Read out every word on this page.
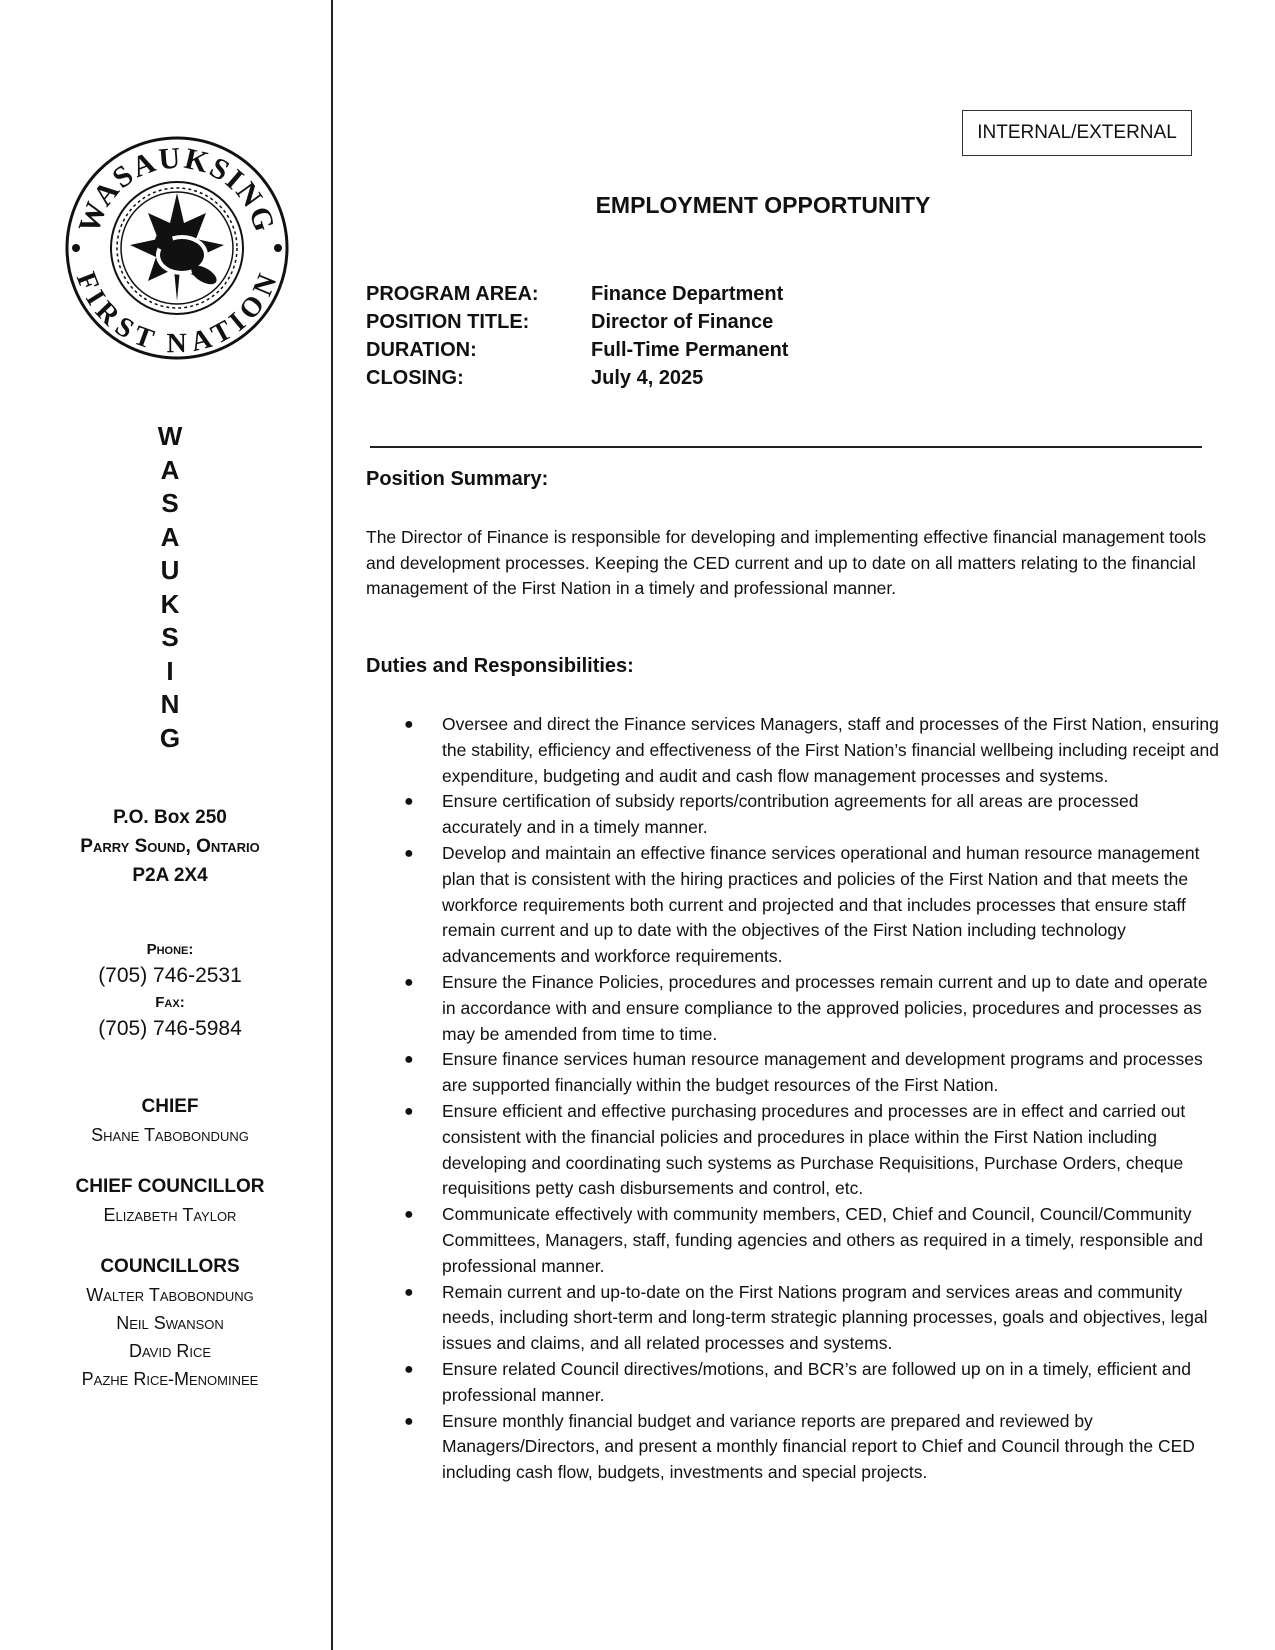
WASAUKSING
FIRST NATION
W
A
S
A
U
K
S
I
N
G
P.O. Box 250
Parry Sound, Ontario
P2A 2X4
Phone:
(705) 746-2531
Fax:
(705) 746-5984
CHIEF
Shane Tabobondung
CHIEF COUNCILLOR
Elizabeth Taylor
COUNCILLORS
Walter Tabobondung
Neil Swanson
David Rice
Pazhe Rice-Menominee
INTERNAL/EXTERNAL
EMPLOYMENT OPPORTUNITY
PROGRAM AREA:	Finance Department
POSITION TITLE:	Director of Finance
DURATION:	Full-Time Permanent
CLOSING:	July 4, 2025
Position Summary:
The Director of Finance is responsible for developing and implementing effective financial management tools and development processes. Keeping the CED current and up to date on all matters relating to the financial management of the First Nation in a timely and professional manner.
Duties and Responsibilities:
● Oversee and direct the Finance services Managers, staff and processes of the First Nation, ensuring the stability, efficiency and effectiveness of the First Nation’s financial wellbeing including receipt and expenditure, budgeting and audit and cash flow management processes and systems.
● Ensure certification of subsidy reports/contribution agreements for all areas are processed accurately and in a timely manner.
● Develop and maintain an effective finance services operational and human resource management plan that is consistent with the hiring practices and policies of the First Nation and that meets the workforce requirements both current and projected and that includes processes that ensure staff remain current and up to date with the objectives of the First Nation including technology advancements and workforce requirements.
● Ensure the Finance Policies, procedures and processes remain current and up to date and operate in accordance with and ensure compliance to the approved policies, procedures and processes as may be amended from time to time.
● Ensure finance services human resource management and development programs and processes are supported financially within the budget resources of the First Nation.
● Ensure efficient and effective purchasing procedures and processes are in effect and carried out consistent with the financial policies and procedures in place within the First Nation including developing and coordinating such systems as Purchase Requisitions, Purchase Orders, cheque requisitions petty cash disbursements and control, etc.
● Communicate effectively with community members, CED, Chief and Council, Council/Community Committees, Managers, staff, funding agencies and others as required in a timely, responsible and professional manner.
● Remain current and up-to-date on the First Nations program and services areas and community needs, including short-term and long-term strategic planning processes, goals and objectives, legal issues and claims, and all related processes and systems.
● Ensure related Council directives/motions, and BCR’s are followed up on in a timely, efficient and professional manner.
● Ensure monthly financial budget and variance reports are prepared and reviewed by Managers/Directors, and present a monthly financial report to Chief and Council through the CED including cash flow, budgets, investments and special projects.
